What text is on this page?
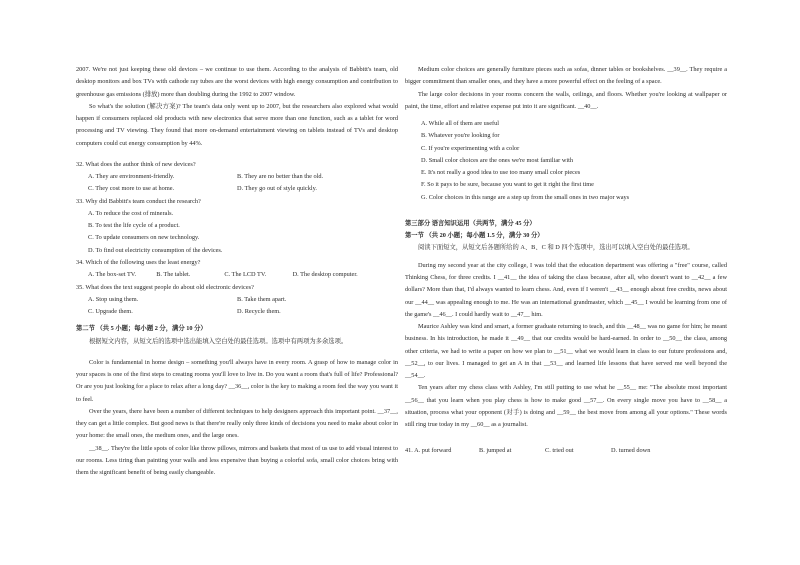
2007. We're not just keeping these old devices – we continue to use them. According to the analysis of Babbitt's team, old desktop monitors and box TVs with cathode ray tubes are the worst devices with high energy consumption and contribution to greenhouse gas emissions (排放) more than doubling during the 1992 to 2007 window.

So what's the solution (解决方案)? The team's data only went up to 2007, but the researchers also explored what would happen if consumers replaced old products with new electronics that serve more than one function, such as a tablet for word processing and TV viewing. They found that more on-demand entertainment viewing on tablets instead of TVs and desktop computers could cut energy consumption by 44%.

32. What does the author think of new devices?

A. They are environment-friendly.	B. They are no better than the old.
C. They cost more to use at home.	D. They go out of style quickly.

33. Why did Babbitt's team conduct the research?

A. To reduce the cost of minerals.

B. To test the life cycle of a product.

C. To update consumers on new technology.

D. To find out electricity consumption of the devices.

34. Which of the following uses the least energy?

A. The box-set TV.	B. The tablet.	C. The LCD TV.	D. The desktop computer.

35. What does the text suggest people do about old electronic devices?

A. Stop using them.	B. Take them apart.
C. Upgrade them.	D. Recycle them.

第二节 （共 5 小题；每小题 2 分，满分 10 分）

根据短文内容，从短文后的选项中选出能填入空白处的最佳选项。选项中有两项为多余选项。

Color is fundamental in home design – something you'll always have in every room. A grasp of how to manage color in your spaces is one of the first steps to creating rooms you'll love to live in. Do you want a room that's full of life? Professional? Or are you just looking for a place to relax after a long day? __36__, color is the key to making a room feel the way you want it to feel.

Over the years, there have been a number of different techniques to help designers approach this important point. __37__, they can get a little complex. But good news is that there're really only three kinds of decisions you need to make about color in your home: the small ones, the medium ones, and the large ones.

__38__. They're the little spots of color like throw pillows, mirrors and baskets that most of us use to add visual interest to our rooms. Less tiring than painting your walls and less expensive than buying a colorful sofa, small color choices bring with them the significant benefit of being easily changeable.

Medium color choices are generally furniture pieces such as sofas, dinner tables or bookshelves. __39__. They require a bigger commitment than smaller ones, and they have a more powerful effect on the feeling of a space.

The large color decisions in your rooms concern the walls, ceilings, and floors. Whether you're looking at wallpaper or paint, the time, effort and relative expense put into it are significant. __40__.

A. While all of them are useful

B. Whatever you're looking for

C. If you're experimenting with a color

D. Small color choices are the ones we're most familiar with

E. It's not really a good idea to use too many small color pieces

F. So it pays to be sure, because you want to get it right the first time

G. Color choices in this range are a step up from the small ones in two major ways

第三部分 语言知识运用（共两节，满分 45 分）

第一节 （共 20 小题；每小题 1.5 分，满分 30 分）

阅读下面短文，从短文后各题所给的 A、B、C 和 D 四个选项中，选出可以填入空白处的最佳选项。

During my second year at the city college, I was told that the education department was offering a "free" course, called Thinking Chess, for three credits. I __41__ the idea of taking the class because, after all, who doesn't want to __42__ a few dollars? More than that, I'd always wanted to learn chess. And, even if I weren't __43__ enough about free credits, news about our __44__ was appealing enough to me. He was an international grandmaster, which __45__ I would be learning from one of the game's __46__. I could hardly wait to __47__ him.

Maurice Ashley was kind and smart, a former graduate returning to teach, and this __48__ was no game for him; he meant business. In his introduction, he made it __49__ that our credits would be hard-earned. In order to __50__ the class, among other criteria, we had to write a paper on how we plan to __51__ what we would learn in class to our future professions and, __52__, to our lives. I managed to get an A in that __53__ and learned life lessons that have served me well beyond the __54__.

Ten years after my chess class with Ashley, I'm still putting to use what he __55__ me: "The absolute most important __56__ that you learn when you play chess is how to make good __57__. On every single move you have to __58__ a situation, process what your opponent (对手) is doing and __59__ the best move from among all your options." These words still ring true today in my __60__ as a journalist.

41. A. put forward	B. jumped at	C. tried out	D. turned down
